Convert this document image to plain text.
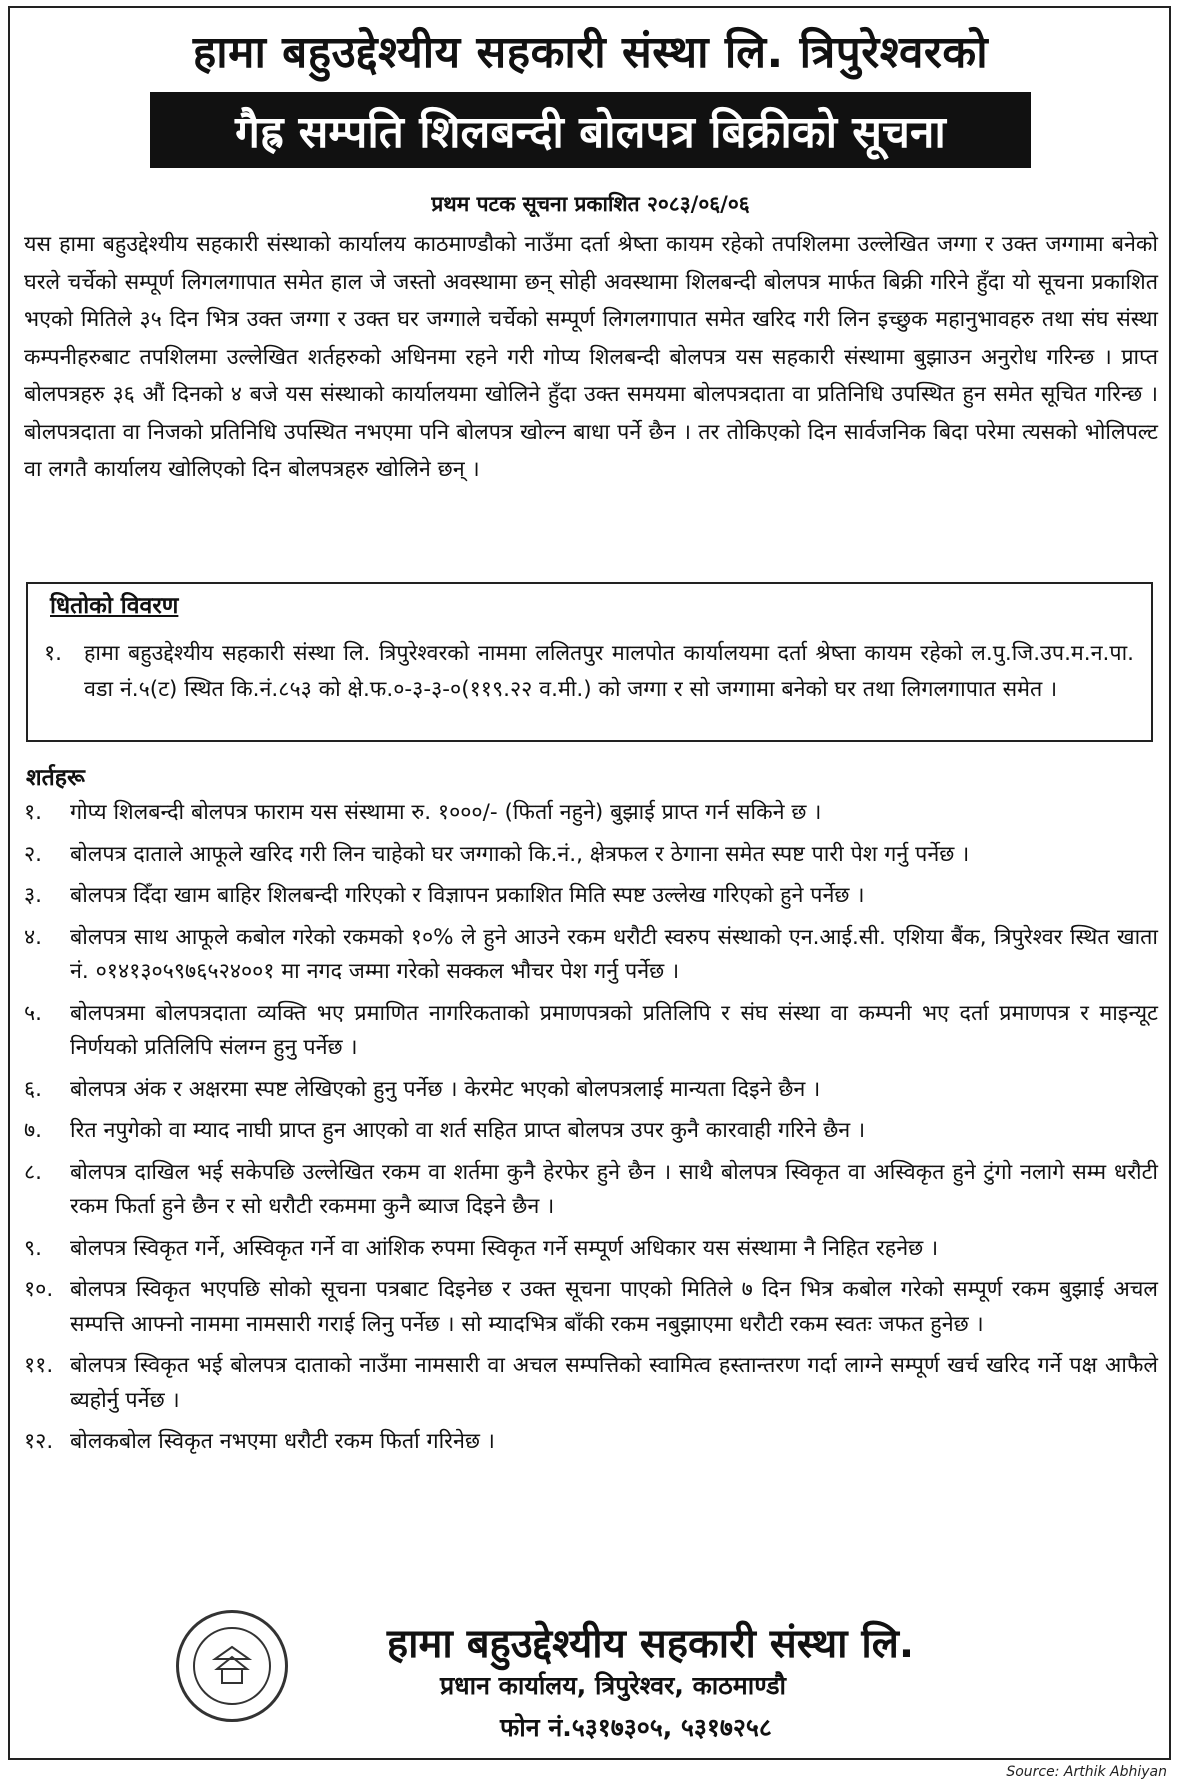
हामा बहुउद्देश्यीय सहकारी संस्था लि. त्रिपुरेश्वरको
गैह्र सम्पति शिलबन्दी बोलपत्र बिक्रीको सूचना
प्रथम पटक सूचना प्रकाशित २०८३/०६/०६

यस हामा बहुउद्देश्यीय सहकारी संस्थाको कार्यालय काठमाण्डौको नाउँमा दर्ता श्रेष्ता कायम रहेको तपशिलमा उल्लेखित जग्गा र उक्त जग्गामा बनेको घरले चर्चेको सम्पूर्ण लिगलगापात समेत हाल जे जस्तो अवस्थामा छन् सोही अवस्थामा शिलबन्दी बोलपत्र मार्फत बिक्री गरिने हुँदा यो सूचना प्रकाशित भएको मितिले ३५ दिन भित्र उक्त जग्गा र उक्त घर जग्गाले चर्चेको सम्पूर्ण लिगलगापात समेत खरिद गरी लिन इच्छुक महानुभावहरु तथा संघ संस्था कम्पनीहरुबाट तपशिलमा उल्लेखित शर्तहरुको अधिनमा रहने गरी गोप्य शिलबन्दी बोलपत्र यस सहकारी संस्थामा बुझाउन अनुरोध गरिन्छ । प्राप्त बोलपत्रहरु ३६ औं दिनको ४ बजे यस संस्थाको कार्यालयमा खोलिने हुँदा उक्त समयमा बोलपत्रदाता वा प्रतिनिधि उपस्थित हुन समेत सूचित गरिन्छ । बोलपत्रदाता वा निजको प्रतिनिधि उपस्थित नभएमा पनि बोलपत्र खोल्न बाधा पर्ने छैन । तर तोकिएको दिन सार्वजनिक बिदा परेमा त्यसको भोलिपल्ट वा लगतै कार्यालय खोलिएको दिन बोलपत्रहरु खोलिने छन् ।

धितोको विवरण
१.	हामा बहुउद्देश्यीय सहकारी संस्था लि. त्रिपुरेश्वरको नाममा ललितपुर मालपोत कार्यालयमा दर्ता श्रेष्ता कायम रहेको ल.पु.जि.उप.म.न.पा. वडा नं.५(ट) स्थित कि.नं.८५३ को क्षे.फ.०-३-३-०(११९.२२ व.मी.) को जग्गा र सो जग्गामा बनेको घर तथा लिगलगापात समेत ।
शर्तहरू
१.	गोप्य शिलबन्दी बोलपत्र फाराम यस संस्थामा रु. १०००/- (फिर्ता नहुने) बुझाई प्राप्त गर्न सकिने छ ।
२.	बोलपत्र दाताले आफूले खरिद गरी लिन चाहेको घर जग्गाको कि.नं., क्षेत्रफल र ठेगाना समेत स्पष्ट पारी पेश गर्नु पर्नेछ ।
३.	बोलपत्र दिँदा खाम बाहिर शिलबन्दी गरिएको र विज्ञापन प्रकाशित मिति स्पष्ट उल्लेख गरिएको हुने पर्नेछ ।
४.	बोलपत्र साथ आफूले कबोल गरेको रकमको १०% ले हुने आउने रकम धरौटी स्वरुप संस्थाको एन.आई.सी. एशिया बैंक, त्रिपुरेश्वर स्थित खाता नं. ०१४१३०५९७६५२४००१ मा नगद जम्मा गरेको सक्कल भौचर पेश गर्नु पर्नेछ ।
५.	बोलपत्रमा बोलपत्रदाता व्यक्ति भए प्रमाणित नागरिकताको प्रमाणपत्रको प्रतिलिपि र संघ संस्था वा कम्पनी भए दर्ता प्रमाणपत्र र माइन्यूट निर्णयको प्रतिलिपि संलग्न हुनु पर्नेछ ।
६.	बोलपत्र अंक र अक्षरमा स्पष्ट लेखिएको हुनु पर्नेछ । केरमेट भएको बोलपत्रलाई मान्यता दिइने छैन ।
७.	रित नपुगेको वा म्याद नाघी प्राप्त हुन आएको वा शर्त सहित प्राप्त बोलपत्र उपर कुनै कारवाही गरिने छैन ।
८.	बोलपत्र दाखिल भई सकेपछि उल्लेखित रकम वा शर्तमा कुनै हेरफेर हुने छैन । साथै बोलपत्र स्विकृत वा अस्विकृत हुने टुंगो नलागे सम्म धरौटी रकम फिर्ता हुने छैन र सो धरौटी रकममा कुनै ब्याज दिइने छैन ।
९.	बोलपत्र स्विकृत गर्ने, अस्विकृत गर्ने वा आंशिक रुपमा स्विकृत गर्ने सम्पूर्ण अधिकार यस संस्थामा नै निहित रहनेछ ।
१०. बोलपत्र स्विकृत भएपछि सोको सूचना पत्रबाट दिइनेछ र उक्त सूचना पाएको मितिले ७ दिन भित्र कबोल गरेको सम्पूर्ण रकम बुझाई अचल सम्पत्ति आफ्नो नाममा नामसारी गराई लिनु पर्नेछ । सो म्यादभित्र बाँकी रकम नबुझाएमा धरौटी रकम स्वतः जफत हुनेछ ।
११. बोलपत्र स्विकृत भई बोलपत्र दाताको नाउँमा नामसारी वा अचल सम्पत्तिको स्वामित्व हस्तान्तरण गर्दा लाग्ने सम्पूर्ण खर्च खरिद गर्ने पक्ष आफैले ब्यहोर्नु पर्नेछ ।
१२. बोलकबोल स्विकृत नभएमा धरौटी रकम फिर्ता गरिनेछ ।
हामा बहुउद्देश्यीय सहकारी संस्था लि.
प्रधान कार्यालय, त्रिपुरेश्वर, काठमाण्डौ
फोन नं.५३१७३०५, ५३१७२५८
Source: Arthik Abhiyan
